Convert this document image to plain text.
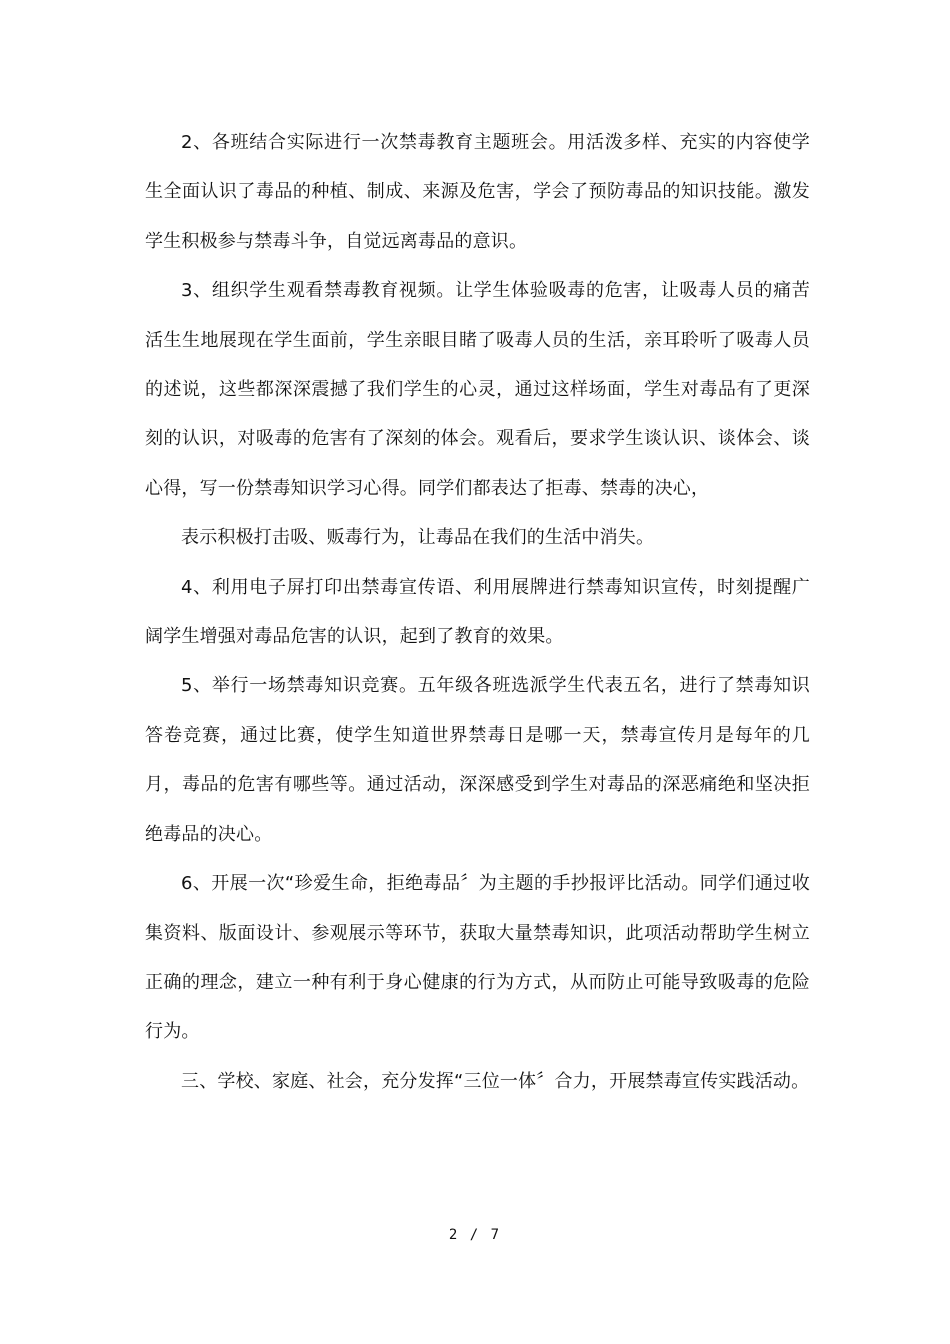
2、各班结合实际进行一次禁毒教育主题班会。用活泼多样、充实的内容使学生全面认识了毒品的种植、制成、来源及危害，学会了预防毒品的知识技能。激发学生积极参与禁毒斗争，自觉远离毒品的意识。

3、组织学生观看禁毒教育视频。让学生体验吸毒的危害，让吸毒人员的痛苦活生生地展现在学生面前，学生亲眼目睹了吸毒人员的生活，亲耳聆听了吸毒人员的述说，这些都深深震撼了我们学生的心灵，通过这样场面，学生对毒品有了更深刻的认识，对吸毒的危害有了深刻的体会。观看后，要求学生谈认识、谈体会、谈心得，写一份禁毒知识学习心得。同学们都表达了拒毒、禁毒的决心，

表示积极打击吸、贩毒行为，让毒品在我们的生活中消失。

4、利用电子屏打印出禁毒宣传语、利用展牌进行禁毒知识宣传，时刻提醒广阔学生增强对毒品危害的认识，起到了教育的效果。

5、举行一场禁毒知识竞赛。五年级各班选派学生代表五名，进行了禁毒知识答卷竞赛，通过比赛，使学生知道世界禁毒日是哪一天，禁毒宣传月是每年的几月，毒品的危害有哪些等。通过活动，深深感受到学生对毒品的深恶痛绝和坚决拒绝毒品的决心。

6、开展一次“珍爱生命，拒绝毒品〞为主题的手抄报评比活动。同学们通过收集资料、版面设计、参观展示等环节，获取大量禁毒知识，此项活动帮助学生树立正确的理念，建立一种有利于身心健康的行为方式，从而防止可能导致吸毒的危险行为。

三、学校、家庭、社会，充分发挥“三位一体〞合力，开展禁毒宣传实践活动。

2 / 7
